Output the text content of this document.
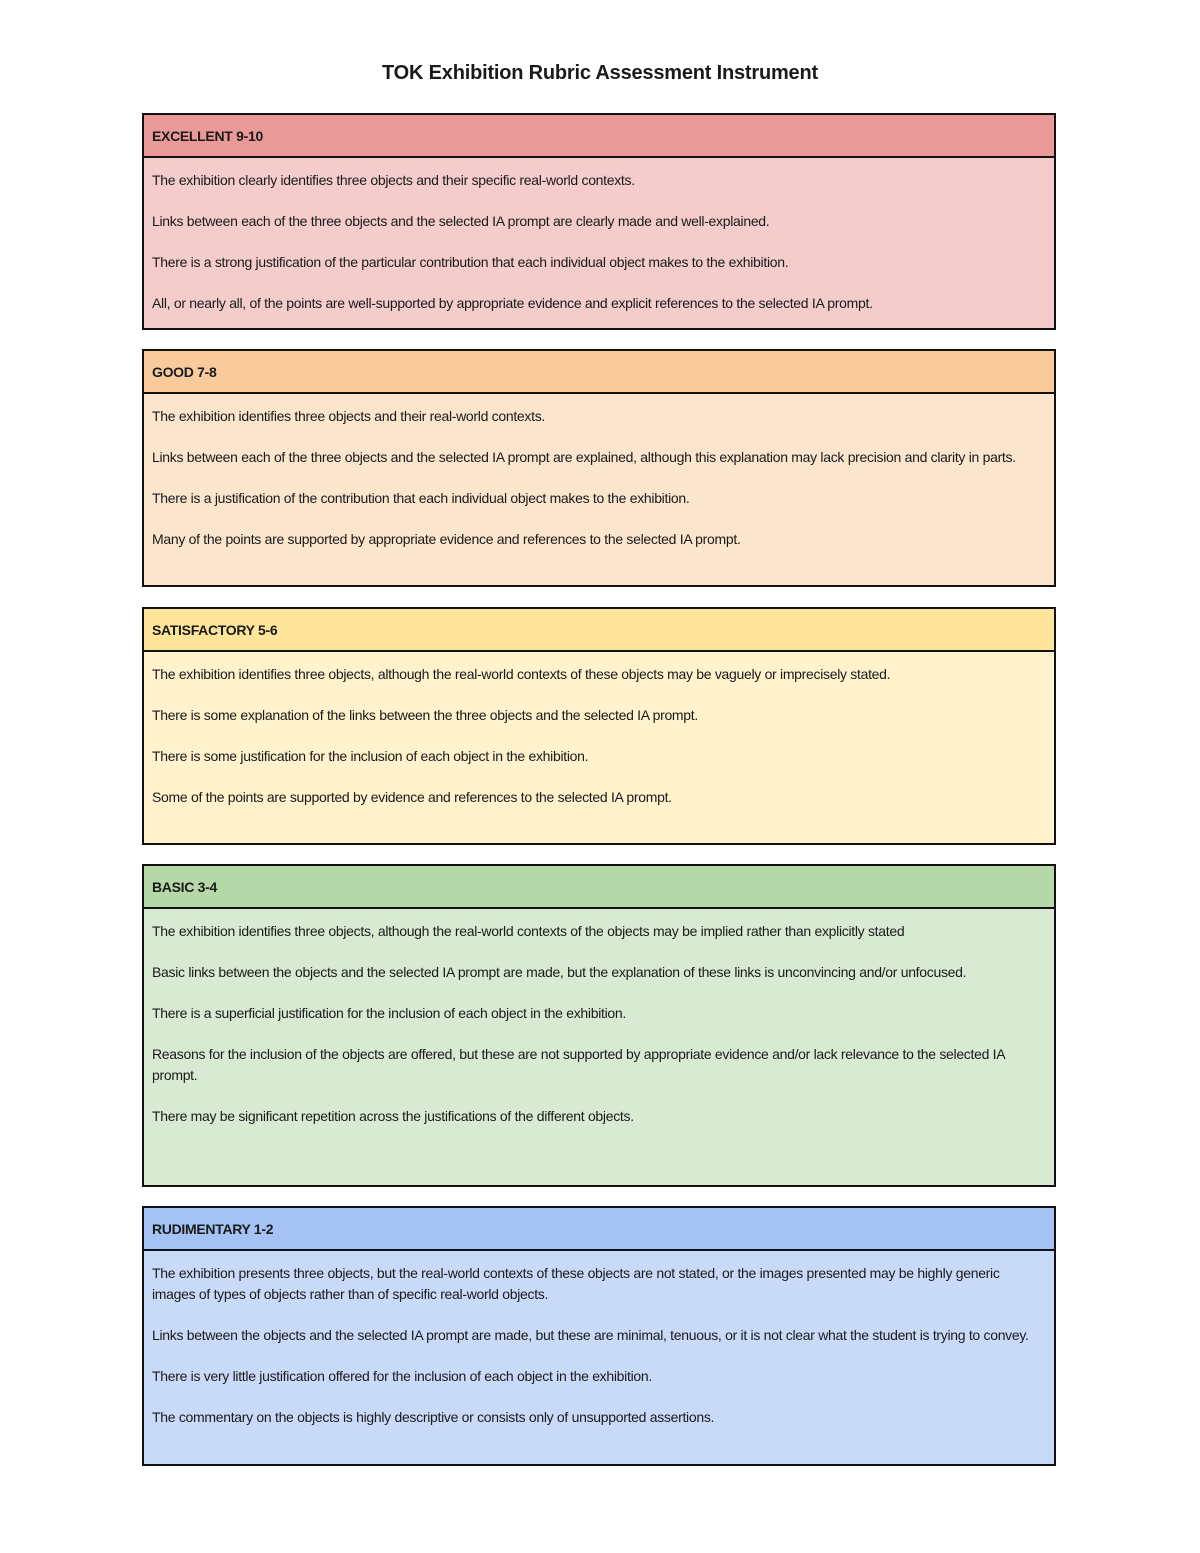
TOK Exhibition Rubric Assessment Instrument
EXCELLENT 9-10

The exhibition clearly identifies three objects and their specific real-world contexts.

Links between each of the three objects and the selected IA prompt are clearly made and well-explained.

There is a strong justification of the particular contribution that each individual object makes to the exhibition.

All, or nearly all, of the points are well-supported by appropriate evidence and explicit references to the selected IA prompt.

GOOD 7-8

The exhibition identifies three objects and their real-world contexts.

Links between each of the three objects and the selected IA prompt are explained, although this explanation may lack precision and clarity in parts.

There is a justification of the contribution that each individual object makes to the exhibition.

Many of the points are supported by appropriate evidence and references to the selected IA prompt.

SATISFACTORY 5-6

The exhibition identifies three objects, although the real-world contexts of these objects may be vaguely or imprecisely stated.

There is some explanation of the links between the three objects and the selected IA prompt.

There is some justification for the inclusion of each object in the exhibition.

Some of the points are supported by evidence and references to the selected IA prompt.

BASIC 3-4

The exhibition identifies three objects, although the real-world contexts of the objects may be implied rather than explicitly stated

Basic links between the objects and the selected IA prompt are made, but the explanation of these links is unconvincing and/or unfocused.

There is a superficial justification for the inclusion of each object in the exhibition.

Reasons for the inclusion of the objects are offered, but these are not supported by appropriate evidence and/or lack relevance to the selected IA prompt.

There may be significant repetition across the justifications of the different objects.

RUDIMENTARY 1-2

The exhibition presents three objects, but the real-world contexts of these objects are not stated, or the images presented may be highly generic images of types of objects rather than of specific real-world objects.

Links between the objects and the selected IA prompt are made, but these are minimal, tenuous, or it is not clear what the student is trying to convey.

There is very little justification offered for the inclusion of each object in the exhibition.

The commentary on the objects is highly descriptive or consists only of unsupported assertions.
